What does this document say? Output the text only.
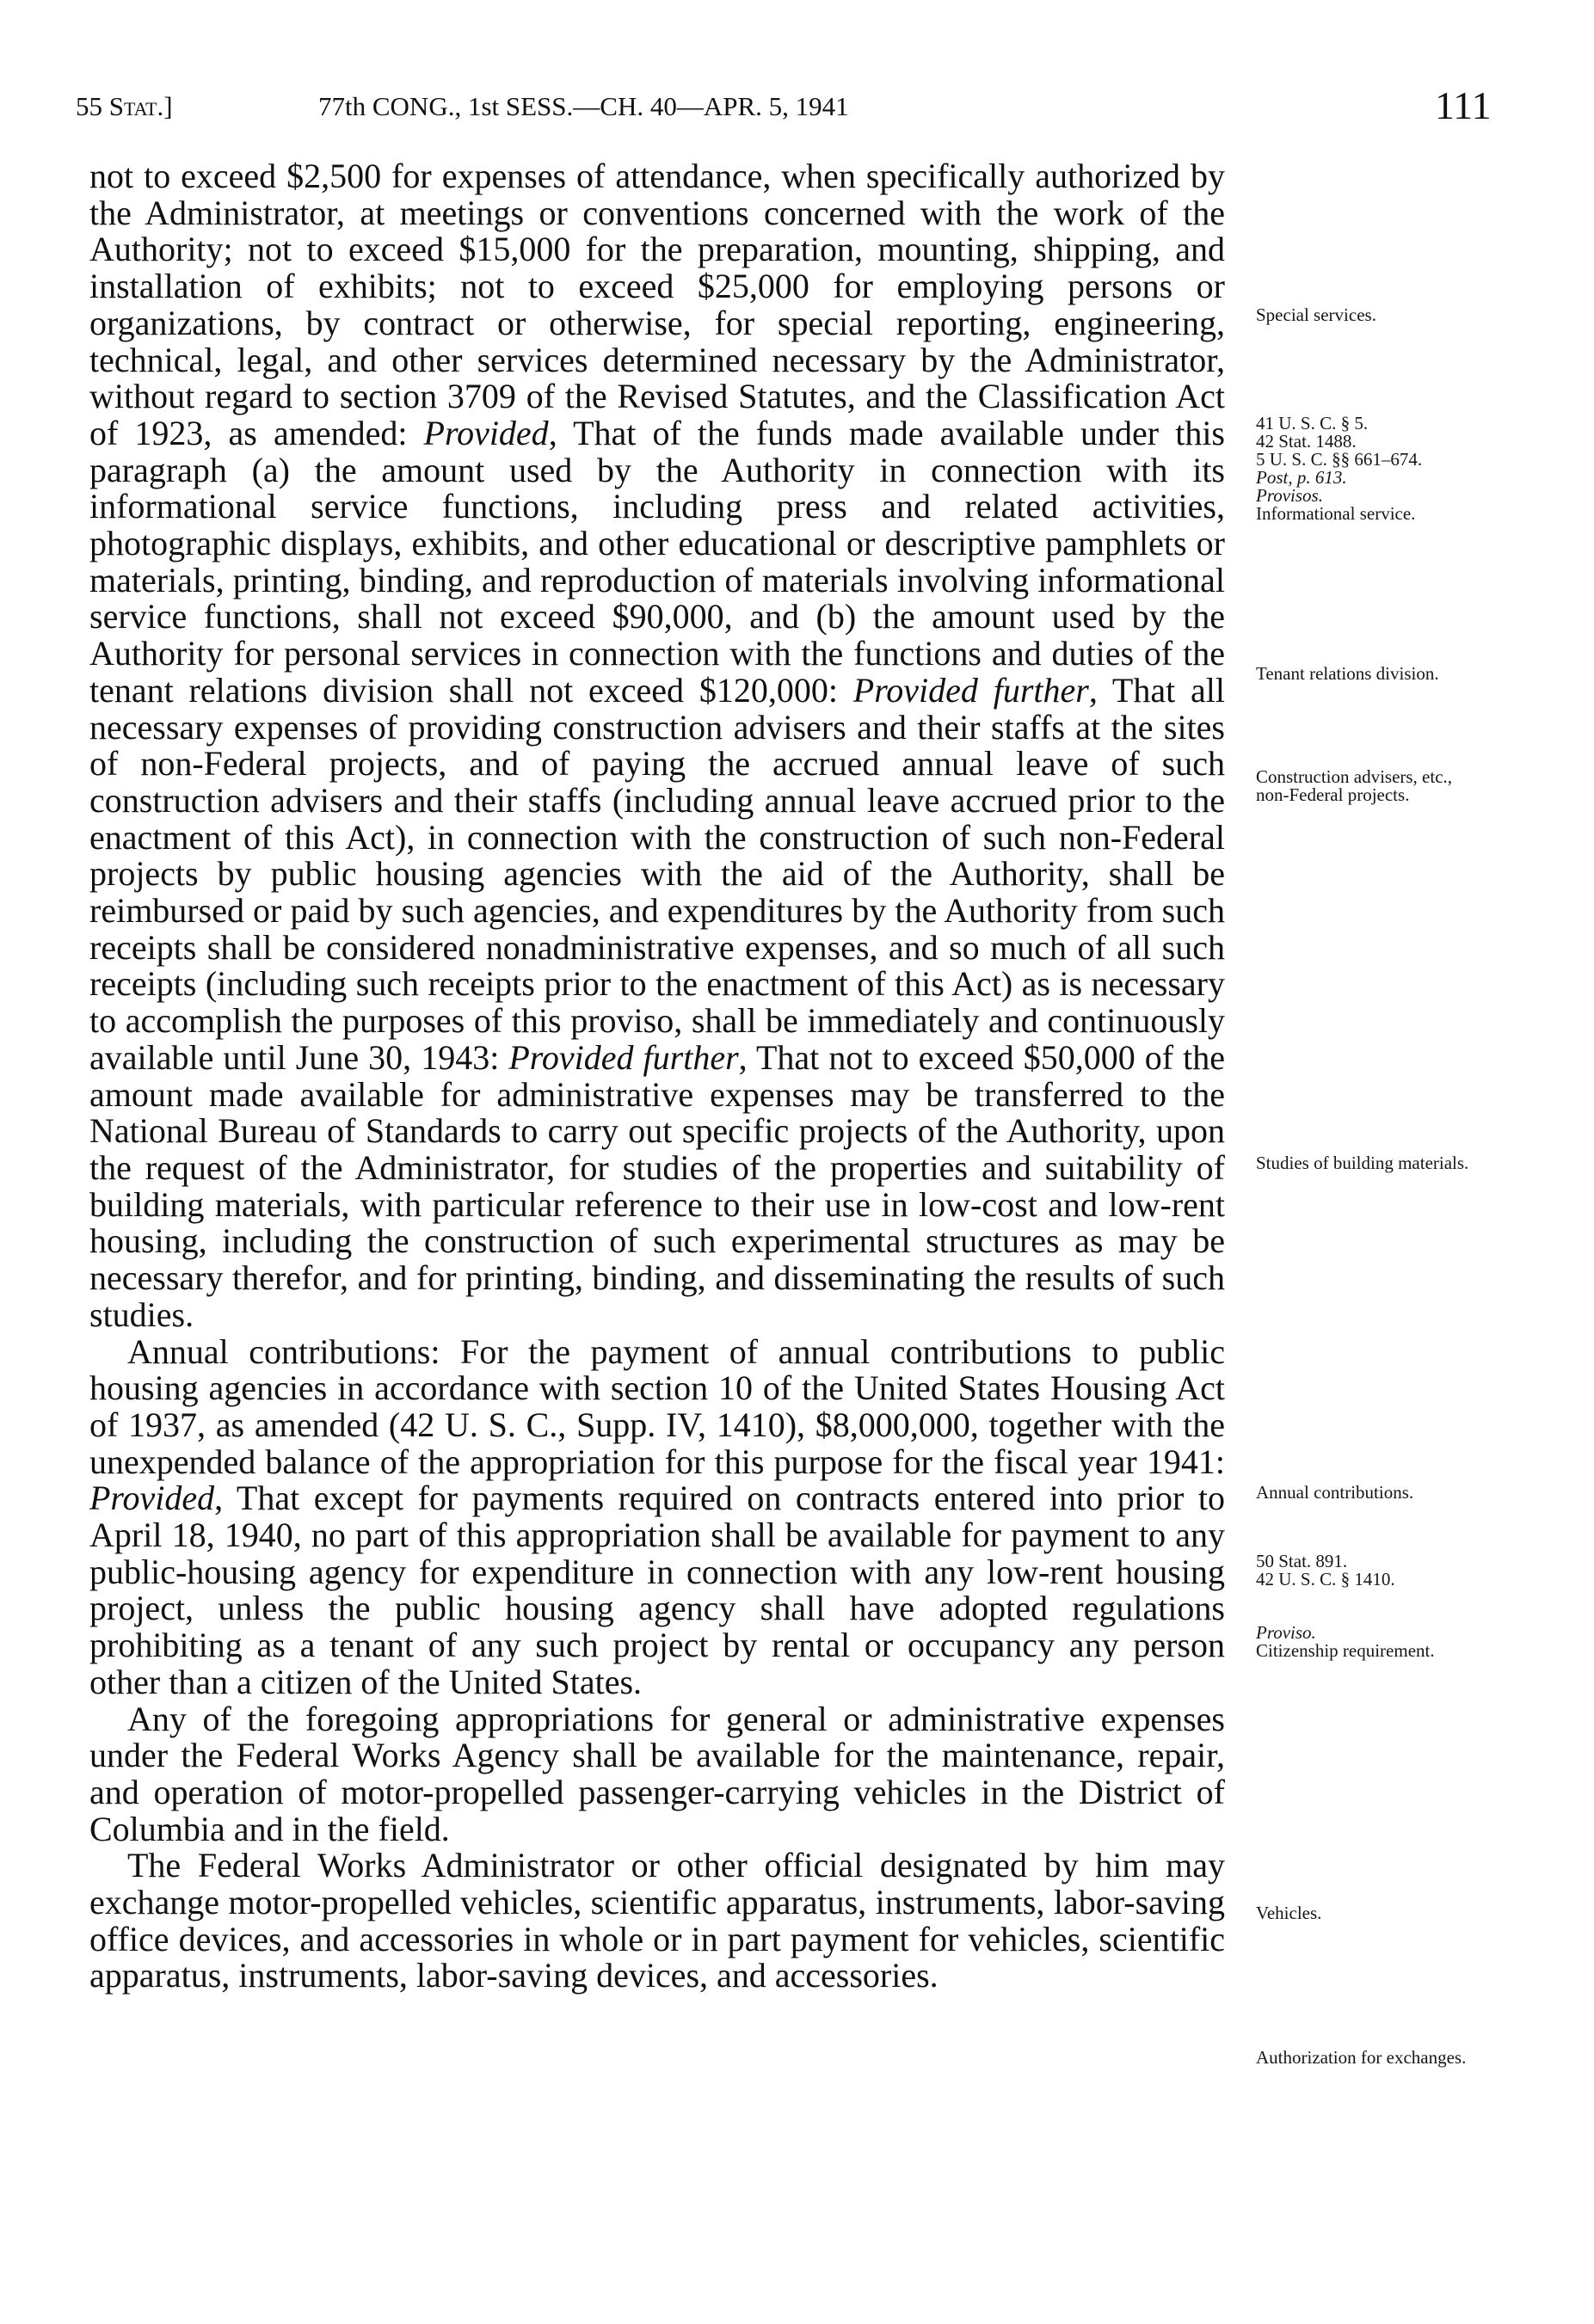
55 Stat.]	77th CONG., 1st SESS.—CH. 40—APR. 5, 1941	111

not to exceed $2,500 for expenses of attendance, when specifically authorized by the Administrator, at meetings or conventions concerned with the work of the Authority; not to exceed $15,000 for the preparation, mounting, shipping, and installation of exhibits; not to exceed $25,000 for employing persons or organizations, by contract or otherwise, for special reporting, engineering, technical, legal, and other services determined necessary by the Administrator, without regard to section 3709 of the Revised Statutes, and the Classification Act of 1923, as amended: Provided, That of the funds made available under this paragraph (a) the amount used by the Authority in connection with its informational service functions, including press and related activities, photographic displays, exhibits, and other educational or descriptive pamphlets or materials, printing, binding, and reproduction of materials involving informational service functions, shall not exceed $90,000, and (b) the amount used by the Authority for personal services in connection with the functions and duties of the tenant relations division shall not exceed $120,000: Provided further, That all necessary expenses of providing construction advisers and their staffs at the sites of non-Federal projects, and of paying the accrued annual leave of such construction advisers and their staffs (including annual leave accrued prior to the enactment of this Act), in connection with the construction of such non-Federal projects by public housing agencies with the aid of the Authority, shall be reimbursed or paid by such agencies, and expenditures by the Authority from such receipts shall be considered nonadministrative expenses, and so much of all such receipts (including such receipts prior to the enactment of this Act) as is necessary to accomplish the purposes of this proviso, shall be immediately and continuously available until June 30, 1943: Provided further, That not to exceed $50,000 of the amount made available for administrative expenses may be transferred to the National Bureau of Standards to carry out specific projects of the Authority, upon the request of the Administrator, for studies of the properties and suitability of building materials, with particular reference to their use in low-cost and low-rent housing, including the construction of such experimental structures as may be necessary therefor, and for printing, binding, and disseminating the results of such studies.

Annual contributions: For the payment of annual contributions to public housing agencies in accordance with section 10 of the United States Housing Act of 1937, as amended (42 U. S. C., Supp. IV, 1410), $8,000,000, together with the unexpended balance of the appropriation for this purpose for the fiscal year 1941: Provided, That except for payments required on contracts entered into prior to April 18, 1940, no part of this appropriation shall be available for payment to any public-housing agency for expenditure in connection with any low-rent housing project, unless the public housing agency shall have adopted regulations prohibiting as a tenant of any such project by rental or occupancy any person other than a citizen of the United States.

Any of the foregoing appropriations for general or administrative expenses under the Federal Works Agency shall be available for the maintenance, repair, and operation of motor-propelled passenger-carrying vehicles in the District of Columbia and in the field.

The Federal Works Administrator or other official designated by him may exchange motor-propelled vehicles, scientific apparatus, instruments, labor-saving office devices, and accessories in whole or in part payment for vehicles, scientific apparatus, instruments, labor-saving devices, and accessories.

Special services.
41 U. S. C. § 5.
42 Stat. 1488.
5 U. S. C. §§ 661–674.
Post, p. 613.
Provisos.
Informational service.
Tenant relations division.
Construction advisers, etc., non-Federal projects.
Studies of building materials.
Annual contributions.
50 Stat. 891.
42 U. S. C. § 1410.
Proviso.
Citizenship requirement.
Vehicles.
Authorization for exchanges.
